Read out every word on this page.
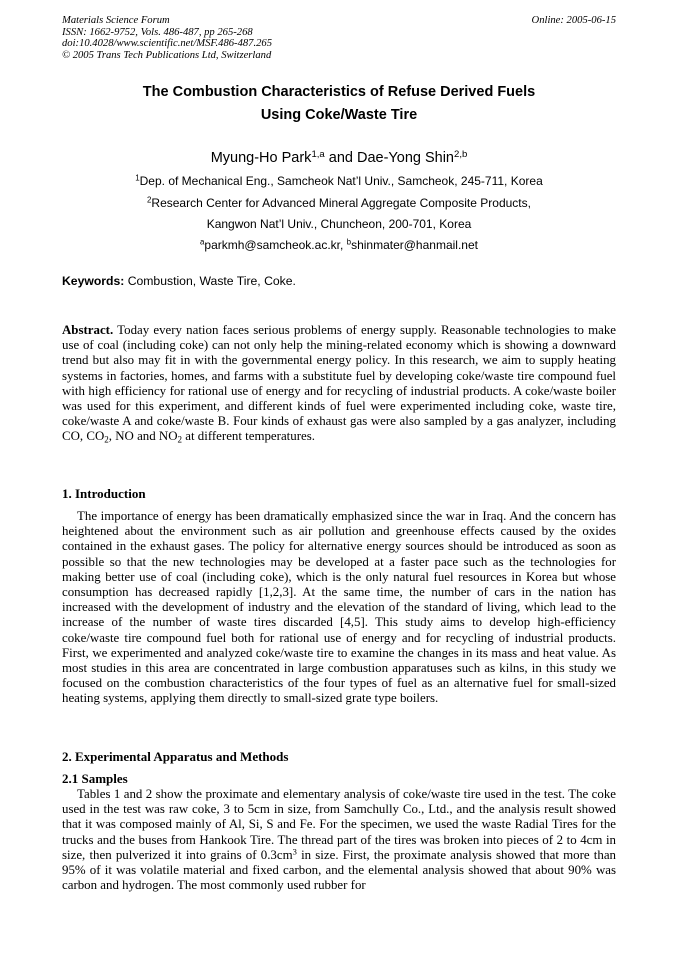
Materials Science Forum	Online: 2005-06-15
ISSN: 1662-9752, Vols. 486-487, pp 265-268
doi:10.4028/www.scientific.net/MSF.486-487.265
© 2005 Trans Tech Publications Ltd, Switzerland
The Combustion Characteristics of Refuse Derived Fuels
Using Coke/Waste Tire
Myung-Ho Park$^{1,a}$ and Dae-Yong Shin$^{2,b}$
$^1$Dep. of Mechanical Eng., Samcheok Nat’l Univ., Samcheok, 245-711, Korea
$^2$Research Center for Advanced Mineral Aggregate Composite Products,
Kangwon Nat’l Univ., Chuncheon, 200-701, Korea
$^a$parkmh@samcheok.ac.kr, $^b$shinmater@hanmail.net
Keywords: Combustion, Waste Tire, Coke.
Abstract. Today every nation faces serious problems of energy supply. Reasonable technologies to make use of coal (including coke) can not only help the mining-related economy which is showing a downward trend but also may fit in with the governmental energy policy. In this research, we aim to supply heating systems in factories, homes, and farms with a substitute fuel by developing coke/waste tire compound fuel with high efficiency for rational use of energy and for recycling of industrial products. A coke/waste boiler was used for this experiment, and different kinds of fuel were experimented including coke, waste tire, coke/waste A and coke/waste B. Four kinds of exhaust gas were also sampled by a gas analyzer, including CO, $CO_2$, NO and $NO_2$ at different temperatures.
1. Introduction
The importance of energy has been dramatically emphasized since the war in Iraq. And the concern has heightened about the environment such as air pollution and greenhouse effects caused by the oxides contained in the exhaust gases. The policy for alternative energy sources should be introduced as soon as possible so that the new technologies may be developed at a faster pace such as the technologies for making better use of coal (including coke), which is the only natural fuel resources in Korea but whose consumption has decreased rapidly [1,2,3]. At the same time, the number of cars in the nation has increased with the development of industry and the elevation of the standard of living, which lead to the increase of the number of waste tires discarded [4,5]. This study aims to develop high-efficiency coke/waste tire compound fuel both for rational use of energy and for recycling of industrial products. First, we experimented and analyzed coke/waste tire to examine the changes in its mass and heat value. As most studies in this area are concentrated in large combustion apparatuses such as kilns, in this study we focused on the combustion characteristics of the four types of fuel as an alternative fuel for small-sized heating systems, applying them directly to small-sized grate type boilers.
2. Experimental Apparatus and Methods
2.1 Samples
Tables 1 and 2 show the proximate and elementary analysis of coke/waste tire used in the test. The coke used in the test was raw coke, 3 to 5cm in size, from Samchully Co., Ltd., and the analysis result showed that it was composed mainly of Al, Si, S and Fe. For the specimen, we used the waste Radial Tires for the trucks and the buses from Hankook Tire. The thread part of the tires was broken into pieces of 2 to 4cm in size, then pulverized it into grains of $0.3cm^3$ in size. First, the proximate analysis showed that more than 95% of it was volatile material and fixed carbon, and the elemental analysis showed that about 90% was carbon and hydrogen. The most commonly used rubber for
